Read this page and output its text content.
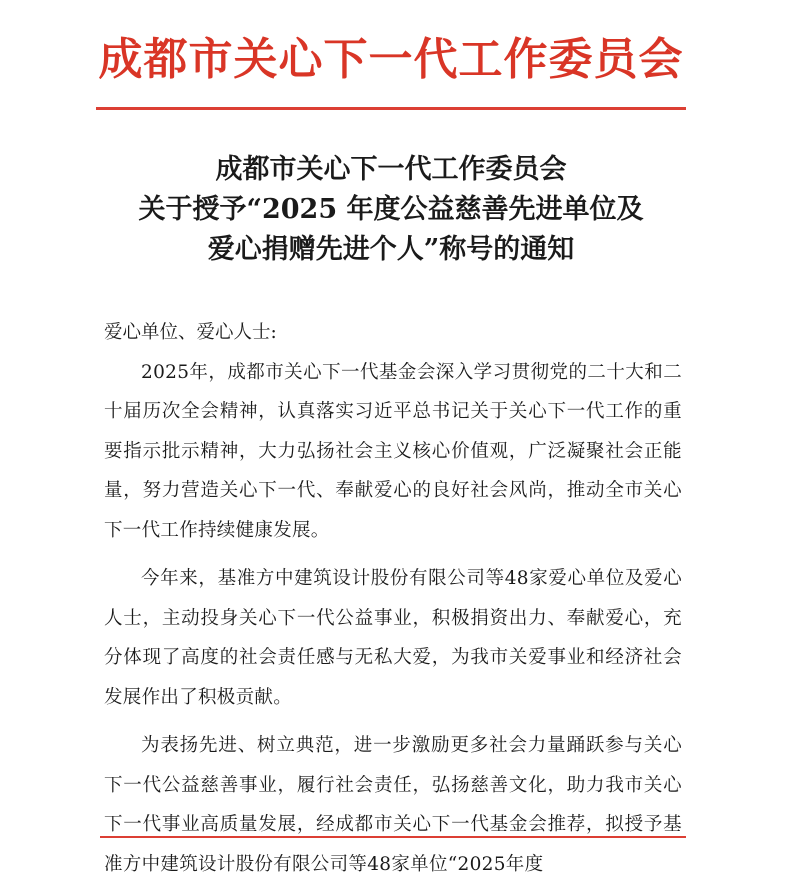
成都市关心下一代工作委员会
成都市关心下一代工作委员会
关于授予“2025 年度公益慈善先进单位及
爱心捐赠先进个人”称号的通知

爱心单位、爱心人士:

2025年，成都市关心下一代基金会深入学习贯彻党的二十大和二十届历次全会精神，认真落实习近平总书记关于关心下一代工作的重要指示批示精神，大力弘扬社会主义核心价值观，广泛凝聚社会正能量，努力营造关心下一代、奉献爱心的良好社会风尚，推动全市关心下一代工作持续健康发展。

今年来，基准方中建筑设计股份有限公司等48家爱心单位及爱心人士，主动投身关心下一代公益事业，积极捐资出力、奉献爱心，充分体现了高度的社会责任感与无私大爱，为我市关爱事业和经济社会发展作出了积极贡献。

为表扬先进、树立典范，进一步激励更多社会力量踊跃参与关心下一代公益慈善事业，履行社会责任，弘扬慈善文化，助力我市关心下一代事业高质量发展，经成都市关心下一代基金会推荐，拟授予基准方中建筑设计股份有限公司等48家单位“2025年度
